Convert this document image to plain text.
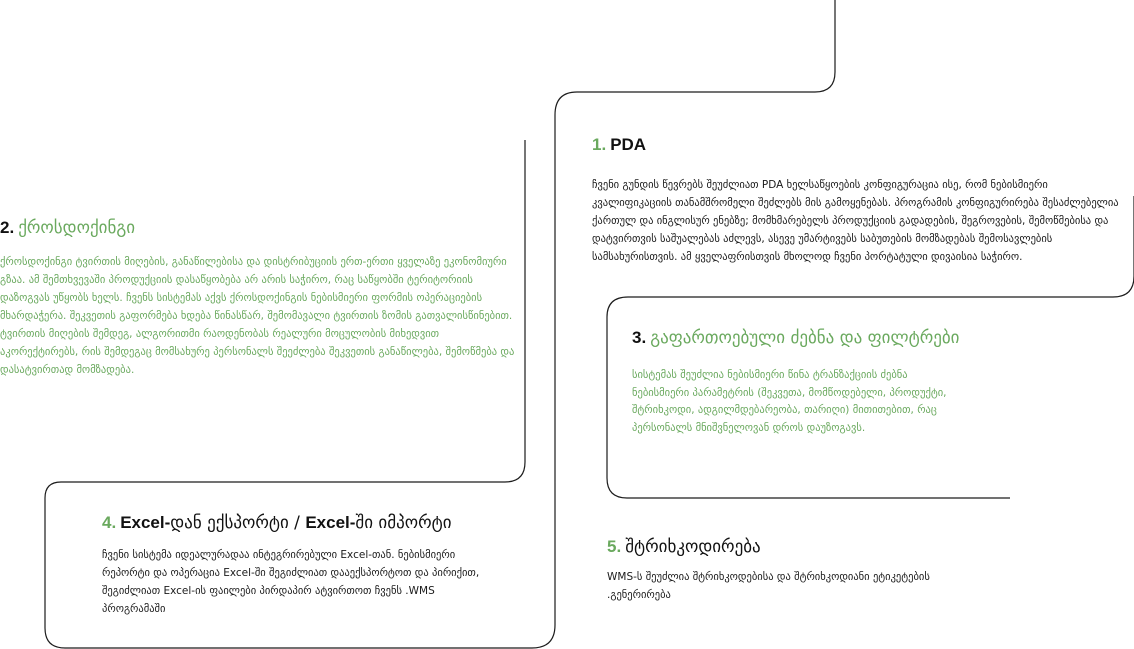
1. PDA

ჩვენი გუნდის წევრებს შეუძლიათ PDA ხელსაწყოების კონფიგურაცია ისე, რომ ნებისმიერი კვალიფიკაციის თანამშრომელი შეძლებს მის გამოყენებას. პროგრამის კონფიგურირება შესაძლებელია ქართულ და ინგლისურ ენებზე; მომხმარებელს პროდუქციის გადადების, შეგროვების, შემოწმებისა და დატვირთვის საშუალებას აძლევს, ასევე უმარტივებს საბუთების მომზადებას შემოსავლების სამსახურისთვის. ამ ყველაფრისთვის მხოლოდ ჩვენი პორტატული დივაისია საჭირო.

2. ქროსდოქინგი

ქროსდოქინგი ტვირთის მიღების, განაწილებისა და დისტრიბუციის ერთ-ერთი ყველაზე ეკონომიური გზაა. ამ შემთხვევაში პროდუქციის დასაწყობება არ არის საჭირო, რაც საწყობში ტერიტორიის დაზოგვას უწყობს ხელს. ჩვენს სისტემას აქვს ქროსდოქინგის ნებისმიერი ფორმის ოპერაციების მხარდაჭერა. შეკვეთის გაფორმება ხდება წინასწარ, შემომავალი ტვირთის ზომის გათვალისწინებით. ტვირთის მიღების შემდეგ, ალგორითმი რაოდენობას რეალური მოცულობის მიხედვით აკორექტირებს, რის შემდეგაც მომსახურე პერსონალს შეეძლება შეკვეთის განაწილება, შემოწმება და დასატვირთად მომზადება.

3. გაფართოებული ძებნა და ფილტრები

სისტემას შეუძლია ნებისმიერი წინა ტრანზაქციის ძებნა ნებისმიერი პარამეტრის (შეკვეთა, მომწოდებელი, პროდუქტი, შტრიხკოდი, ადგილმდებარეობა, თარიღი) მითითებით, რაც პერსონალს მნიშვნელოვან დროს დაუზოგავს.

4. Excel-დან ექსპორტი / Excel-ში იმპორტი

ჩვენი სისტემა იდეალურადაა ინტეგრირებული Excel-თან. ნებისმიერი რეპორტი და ოპერაცია Excel-ში შეგიძლიათ დააექსპორტოთ და პირიქით, შეგიძლიათ Excel-ის ფაილები პირდაპირ ატვირთოთ ჩვენს .WMS პროგრამაში

5. შტრიხკოდირება

WMS-ს შეუძლია შტრიხკოდებისა და შტრიხკოდიანი ეტიკეტების .გენერირება
